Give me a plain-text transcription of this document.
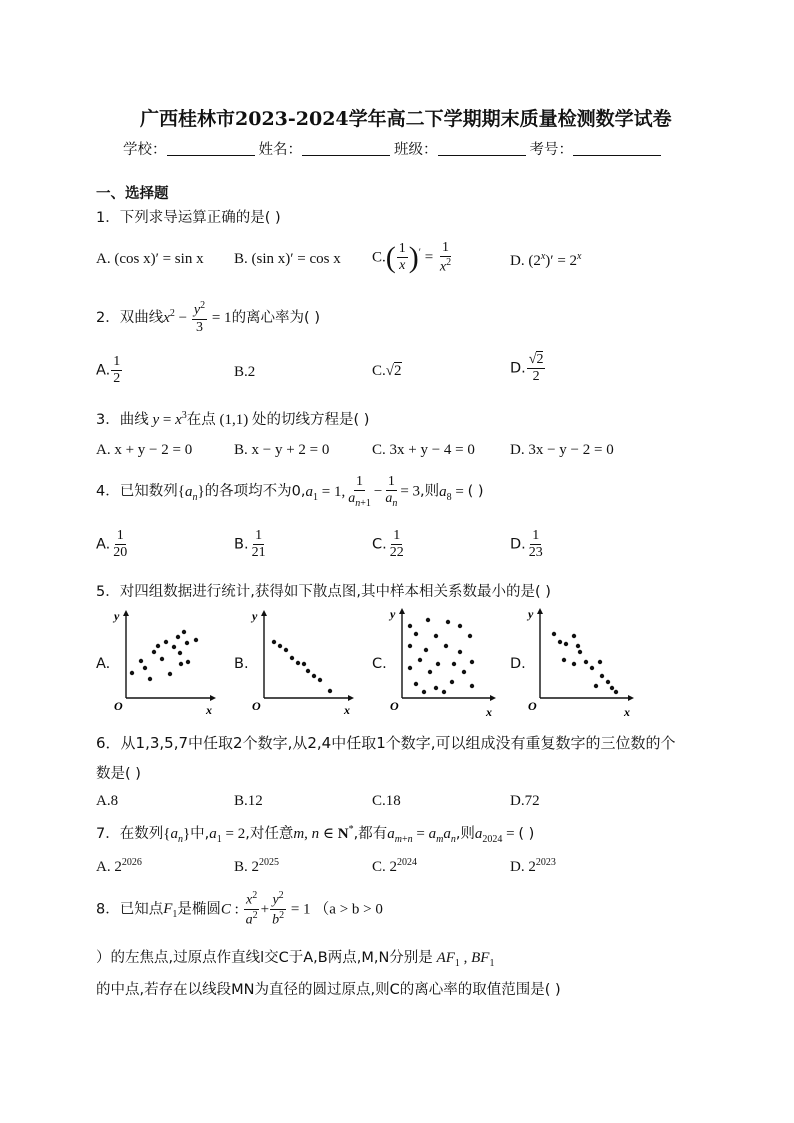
广西桂林市2023-2024学年高二下学期期末质量检测数学试卷
学校：	姓名：	班级：	考号：
一、选择题
1．下列求导运算正确的是( )
A. (cos x)′ = sin x B. (sin x)′ = cos x $C.( \frac{1}{x} )' = \frac{1}{x^2}$	D. $(2^x)' = 2^x$
2．双曲线$x^2 - \frac{y^2}{3} = 1$的离心率为( )
A. $\frac{1}{2}$	B.2	C.√2	D. $\frac{√2}{2}$
3．曲线 $y = x^3$在点 (1,1) 处的切线方程是( )
A. x + y − 2 = 0	B. x − y + 2 = 0	C. 3x + y − 4 = 0 D. 3x − y − 2 = 0
4．已知数列$\{a_n\}$的各项均不为$0,a_1 = 1$, $\frac{1}{a_{n+1}} - \frac{1}{a_n} = 3$,则$a_8$ = ( )
A. $\frac{1}{20}$	B. $\frac{1}{21}$	C. $\frac{1}{22}$	D. $\frac{1}{23}$
5．对四组数据进行统计,获得如下散点图,其中样本相关系数最小的是( )
A.	B.	C.	D.
y
x
O
y
x
O
y
x
O
y
x
O
6．从1,3,5,7中任取2个数字,从2,4中任取1个数字,可以组成没有重复数字的三位数的个
数是( )
A.8	B.12	C.18	D.72
7．在数列$\{a_n\}$中$,a_1 = 2$,对任意m, n ∈ N*,都有$a_{m+n} = a_ma_n$,则$a_{2024}$ = ( )
A. $2^{2026}$	B. $2^{2025}$	C. $2^{2024}$	D. $2^{2023}$
8．已知点$F_1$是椭圆C : $\frac{x^2}{a^2} + \frac{y^2}{b^2} = 1$ （a > b > 0
）的左焦点,过原点作直线l交C于A,B两点,M,N分别是 $AF_1$ , $BF_1$
的中点,若存在以线段MN为直径的圆过原点,则C的离心率的取值范围是( )
